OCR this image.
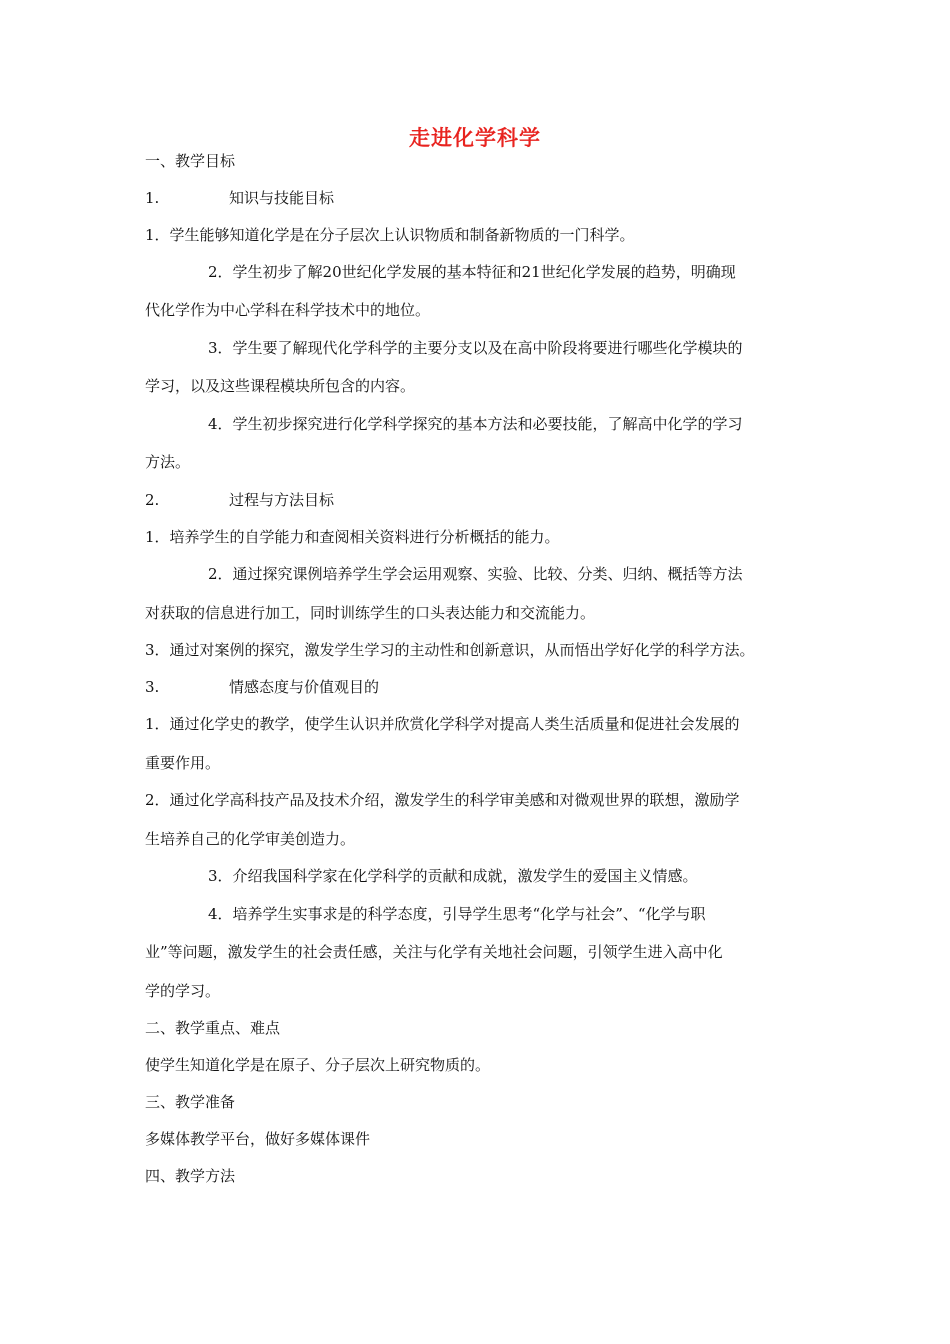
走进化学科学
一、教学目标
1.	知识与技能目标
1．学生能够知道化学是在分子层次上认识物质和制备新物质的一门科学。
2．学生初步了解20世纪化学发展的基本特征和21世纪化学发展的趋势，明确现
代化学作为中心学科在科学技术中的地位。
3．学生要了解现代化学科学的主要分支以及在高中阶段将要进行哪些化学模块的
学习，以及这些课程模块所包含的内容。
4．学生初步探究进行化学科学探究的基本方法和必要技能，了解高中化学的学习
方法。
2.	过程与方法目标
1．培养学生的自学能力和查阅相关资料进行分析概括的能力。
2．通过探究课例培养学生学会运用观察、实验、比较、分类、归纳、概括等方法
对获取的信息进行加工，同时训练学生的口头表达能力和交流能力。
3．通过对案例的探究，激发学生学习的主动性和创新意识，从而悟出学好化学的科学方法。
3.	情感态度与价值观目的
1．通过化学史的教学，使学生认识并欣赏化学科学对提高人类生活质量和促进社会发展的
重要作用。
2．通过化学高科技产品及技术介绍，激发学生的科学审美感和对微观世界的联想，激励学
生培养自己的化学审美创造力。
3．介绍我国科学家在化学科学的贡献和成就，激发学生的爱国主义情感。
4．培养学生实事求是的科学态度，引导学生思考“化学与社会”、“化学与职
业”等问题，激发学生的社会责任感，关注与化学有关地社会问题，引领学生进入高中化
学的学习。
二、教学重点、难点
使学生知道化学是在原子、分子层次上研究物质的。
三、教学准备
多媒体教学平台，做好多媒体课件
四、教学方法
